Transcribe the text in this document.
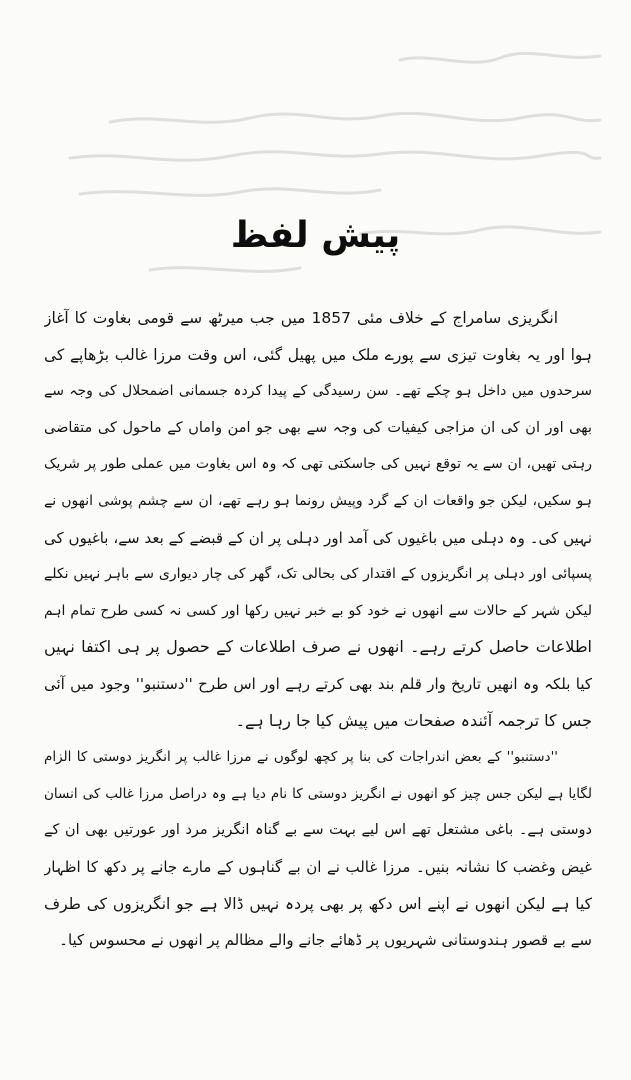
پیش لفظ
انگریزی سامراج کے خلاف مئی 1857 میں جب میرٹھ سے قومی بغاوت کا آغاز
ہوا اور یہ بغاوت تیزی سے پورے ملک میں پھیل گئی، اس وقت مرزا غالب بڑھاپے کی
سرحدوں میں داخل ہو چکے تھے۔ سن رسیدگی کے پیدا کردہ جسمانی اضمحلال کی وجہ سے
بھی اور ان کی ان مزاجی کیفیات کی وجہ سے بھی جو امن واماں کے ماحول کی متقاضی
رہتی تھیں، ان سے یہ توقع نہیں کی جاسکتی تھی کہ وہ اس بغاوت میں عملی طور پر شریک
ہو سکیں، لیکن جو واقعات ان کے گرد وپیش رونما ہو رہے تھے، ان سے چشم پوشی انھوں نے
نہیں کی۔ وہ دہلی میں باغیوں کی آمد اور دہلی پر ان کے قبضے کے بعد سے، باغیوں کی
پسپائی اور دہلی پر انگریزوں کے اقتدار کی بحالی تک، گھر کی چار دیواری سے باہر نہیں نکلے
لیکن شہر کے حالات سے انھوں نے خود کو بے خبر نہیں رکھا اور کسی نہ کسی طرح تمام اہم
اطلاعات حاصل کرتے رہے۔ انھوں نے صرف اطلاعات کے حصول پر ہی اکتفا نہیں
کیا بلکہ وہ انھیں تاریخ وار قلم بند بھی کرتے رہے اور اس طرح ''دستنبو'' وجود میں آئی
جس کا ترجمہ آئندہ صفحات میں پیش کیا جا رہا ہے۔
''دستنبو'' کے بعض اندراجات کی بنا پر کچھ لوگوں نے مرزا غالب پر انگریز دوستی کا الزام
لگایا ہے لیکن جس چیز کو انھوں نے انگریز دوستی کا نام دیا ہے وہ دراصل مرزا غالب کی انسان
دوستی ہے۔ باغی مشتعل تھے اس لیے بہت سے بے گناہ انگریز مرد اور عورتیں بھی ان کے
غیض وغضب کا نشانہ بنیں۔ مرزا غالب نے ان بے گناہوں کے مارے جانے پر دکھ کا اظہار
کیا ہے لیکن انھوں نے اپنے اس دکھ پر بھی پردہ نہیں ڈالا ہے جو انگریزوں کی طرف
سے بے قصور ہندوستانی شہریوں پر ڈھائے جانے والے مظالم پر انھوں نے محسوس کیا۔
